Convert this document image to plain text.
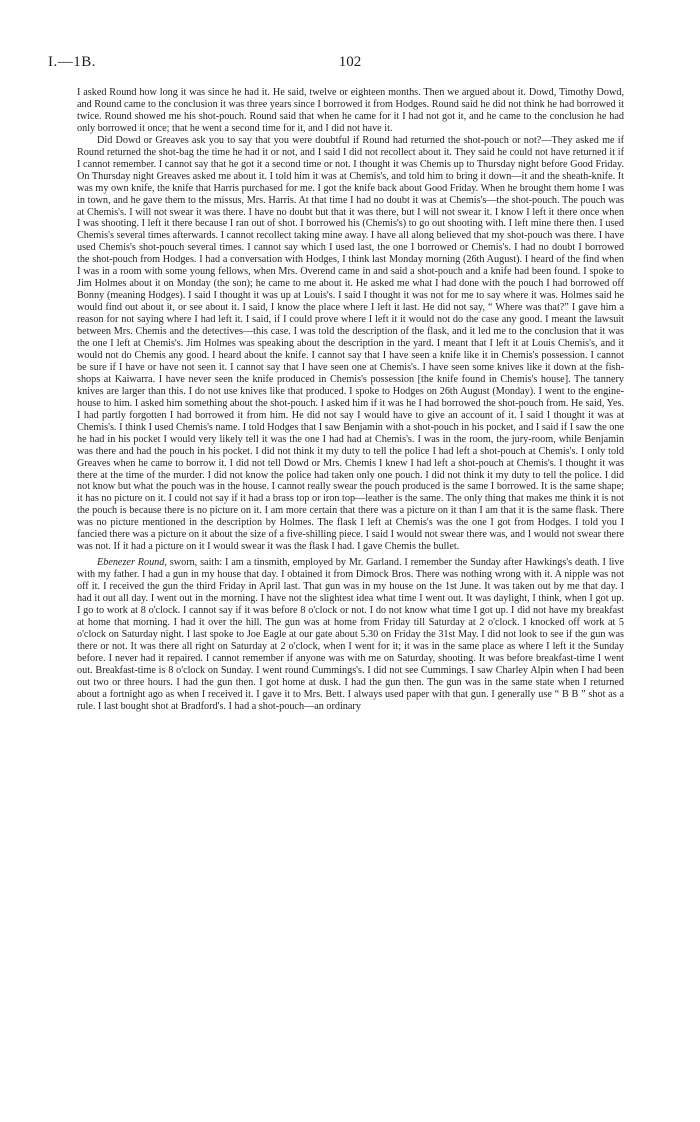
I.—1B.	102

I asked Round how long it was since he had it. He said, twelve or eighteen months. Then we argued about it. Dowd, Timothy Dowd, and Round came to the conclusion it was three years since I borrowed it from Hodges. Round said he did not think he had borrowed it twice. Round showed me his shot-pouch. Round said that when he came for it I had not got it, and he came to the conclusion he had only borrowed it once; that he went a second time for it, and I did not have it.

Did Dowd or Greaves ask you to say that you were doubtful if Round had returned the shot-pouch or not?—They asked me if Round returned the shot-bag the time he had it or not, and I said I did not recollect about it. They said he could not have returned it if I cannot remember. I cannot say that he got it a second time or not. I thought it was Chemis up to Thursday night before Good Friday. On Thursday night Greaves asked me about it. I told him it was at Chemis's, and told him to bring it down—it and the sheath-knife. It was my own knife, the knife that Harris purchased for me. I got the knife back about Good Friday. When he brought them home I was in town, and he gave them to the missus, Mrs. Harris. At that time I had no doubt it was at Chemis's—the shot-pouch. The pouch was at Chemis's. I will not swear it was there. I have no doubt but that it was there, but I will not swear it. I know I left it there once when I was shooting. I left it there because I ran out of shot. I borrowed his (Chemis's) to go out shooting with. I left mine there then. I used Chemis's several times afterwards. I cannot recollect taking mine away. I have all along believed that my shot-pouch was there. I have used Chemis's shot-pouch several times. I cannot say which I used last, the one I borrowed or Chemis's. I had no doubt I borrowed the shot-pouch from Hodges. I had a conversation with Hodges, I think last Monday morning (26th August). I heard of the find when I was in a room with some young fellows, when Mrs. Overend came in and said a shot-pouch and a knife had been found. I spoke to Jim Holmes about it on Monday (the son); he came to me about it. He asked me what I had done with the pouch I had borrowed off Bonny (meaning Hodges). I said I thought it was up at Louis's. I said I thought it was not for me to say where it was. Holmes said he would find out about it, or see about it. I said, I know the place where I left it last. He did not say, “ Where was that?” I gave him a reason for not saying where I had left it. I said, if I could prove where I left it it would not do the case any good. I meant the lawsuit between Mrs. Chemis and the detectives—this case. I was told the description of the flask, and it led me to the conclusion that it was the one I left at Chemis's. Jim Holmes was speaking about the description in the yard. I meant that I left it at Louis Chemis's, and it would not do Chemis any good. I heard about the knife. I cannot say that I have seen a knife like it in Chemis's possession. I cannot be sure if I have or have not seen it. I cannot say that I have seen one at Chemis's. I have seen some knives like it down at the fish-shops at Kaiwarra. I have never seen the knife produced in Chemis's possession [the knife found in Chemis's house]. The tannery knives are larger than this. I do not use knives like that produced. I spoke to Hodges on 26th August (Monday). I went to the engine-house to him. I asked him something about the shot-pouch. I asked him if it was he I had borrowed the shot-pouch from. He said, Yes. I had partly forgotten I had borrowed it from him. He did not say I would have to give an account of it. I said I thought it was at Chemis's. I think I used Chemis's name. I told Hodges that I saw Benjamin with a shot-pouch in his pocket, and I said if I saw the one he had in his pocket I would very likely tell it was the one I had had at Chemis's. I was in the room, the jury-room, while Benjamin was there and had the pouch in his pocket. I did not think it my duty to tell the police I had left a shot-pouch at Chemis's. I only told Greaves when he came to borrow it. I did not tell Dowd or Mrs. Chemis I knew I had left a shot-pouch at Chemis's. I thought it was there at the time of the murder. I did not know the police had taken only one pouch. I did not think it my duty to tell the police. I did not know but what the pouch was in the house. I cannot really swear the pouch produced is the same I borrowed. It is the same shape; it has no picture on it. I could not say if it had a brass top or iron top—leather is the same. The only thing that makes me think it is not the pouch is because there is no picture on it. I am more certain that there was a picture on it than I am that it is the same flask. There was no picture mentioned in the description by Holmes. The flask I left at Chemis's was the one I got from Hodges. I told you I fancied there was a picture on it about the size of a five-shilling piece. I said I would not swear there was, and I would not swear there was not. If it had a picture on it I would swear it was the flask I had. I gave Chemis the bullet.

Ebenezer Round, sworn, saith: I am a tinsmith, employed by Mr. Garland. I remember the Sunday after Hawkings's death. I live with my father. I had a gun in my house that day. I obtained it from Dimock Bros. There was nothing wrong with it. A nipple was not off it. I received the gun the third Friday in April last. That gun was in my house on the 1st June. It was taken out by me that day. I had it out all day. I went out in the morning. I have not the slightest idea what time I went out. It was daylight, I think, when I got up. I go to work at 8 o'clock. I cannot say if it was before 8 o'clock or not. I do not know what time I got up. I did not have my breakfast at home that morning. I had it over the hill. The gun was at home from Friday till Saturday at 2 o'clock. I knocked off work at 5 o'clock on Saturday night. I last spoke to Joe Eagle at our gate about 5.30 on Friday the 31st May. I did not look to see if the gun was there or not. It was there all right on Saturday at 2 o'clock, when I went for it; it was in the same place as where I left it the Sunday before. I never had it repaired. I cannot remember if anyone was with me on Saturday, shooting. It was before breakfast-time I went out. Breakfast-time is 8 o'clock on Sunday. I went round Cummings's. I did not see Cummings. I saw Charley Alpin when I had been out two or three hours. I had the gun then. I got home at dusk. I had the gun then. The gun was in the same state when I returned about a fortnight ago as when I received it. I gave it to Mrs. Bett. I always used paper with that gun. I generally use “ B B ” shot as a rule. I last bought shot at Bradford's. I had a shot-pouch—an ordinary
